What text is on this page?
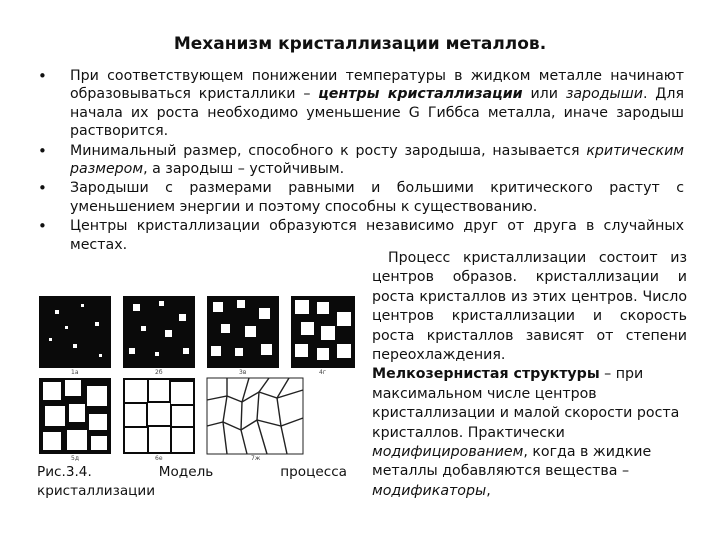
Механизм кристаллизации металлов.
• При соответствующем понижении температуры в жидком металле начинают образовываться кристаллики – центры кристаллизации или зародыши. Для начала их роста необходимо уменьшение G Гиббса металла, иначе зародыш растворится.
• Минимальный размер, способного к росту зародыша, называется критическим размером, а зародыш – устойчивым.
• Зародыши с размерами равными и большими критического растут с уменьшением энергии и поэтому способны к существованию.
• Центры кристаллизации образуются независимо друг от друга в случайных местах.
1а	2б	3в	4г
5д	6е	7ж
Рис.3.4.	Модель	процесса
кристаллизации
Процесс кристаллизации состоит из центров образов. кристаллизации и роста кристаллов из этих центров. Число центров кристаллизации и скорость роста кристаллов зависят от степени переохлаждения.
Мелкозернистая структуры – при максимальном числе центров кристаллизации и малой скорости роста кристаллов. Практически модифицированием, когда в жидкие металлы добавляются вещества – модификаторы,
